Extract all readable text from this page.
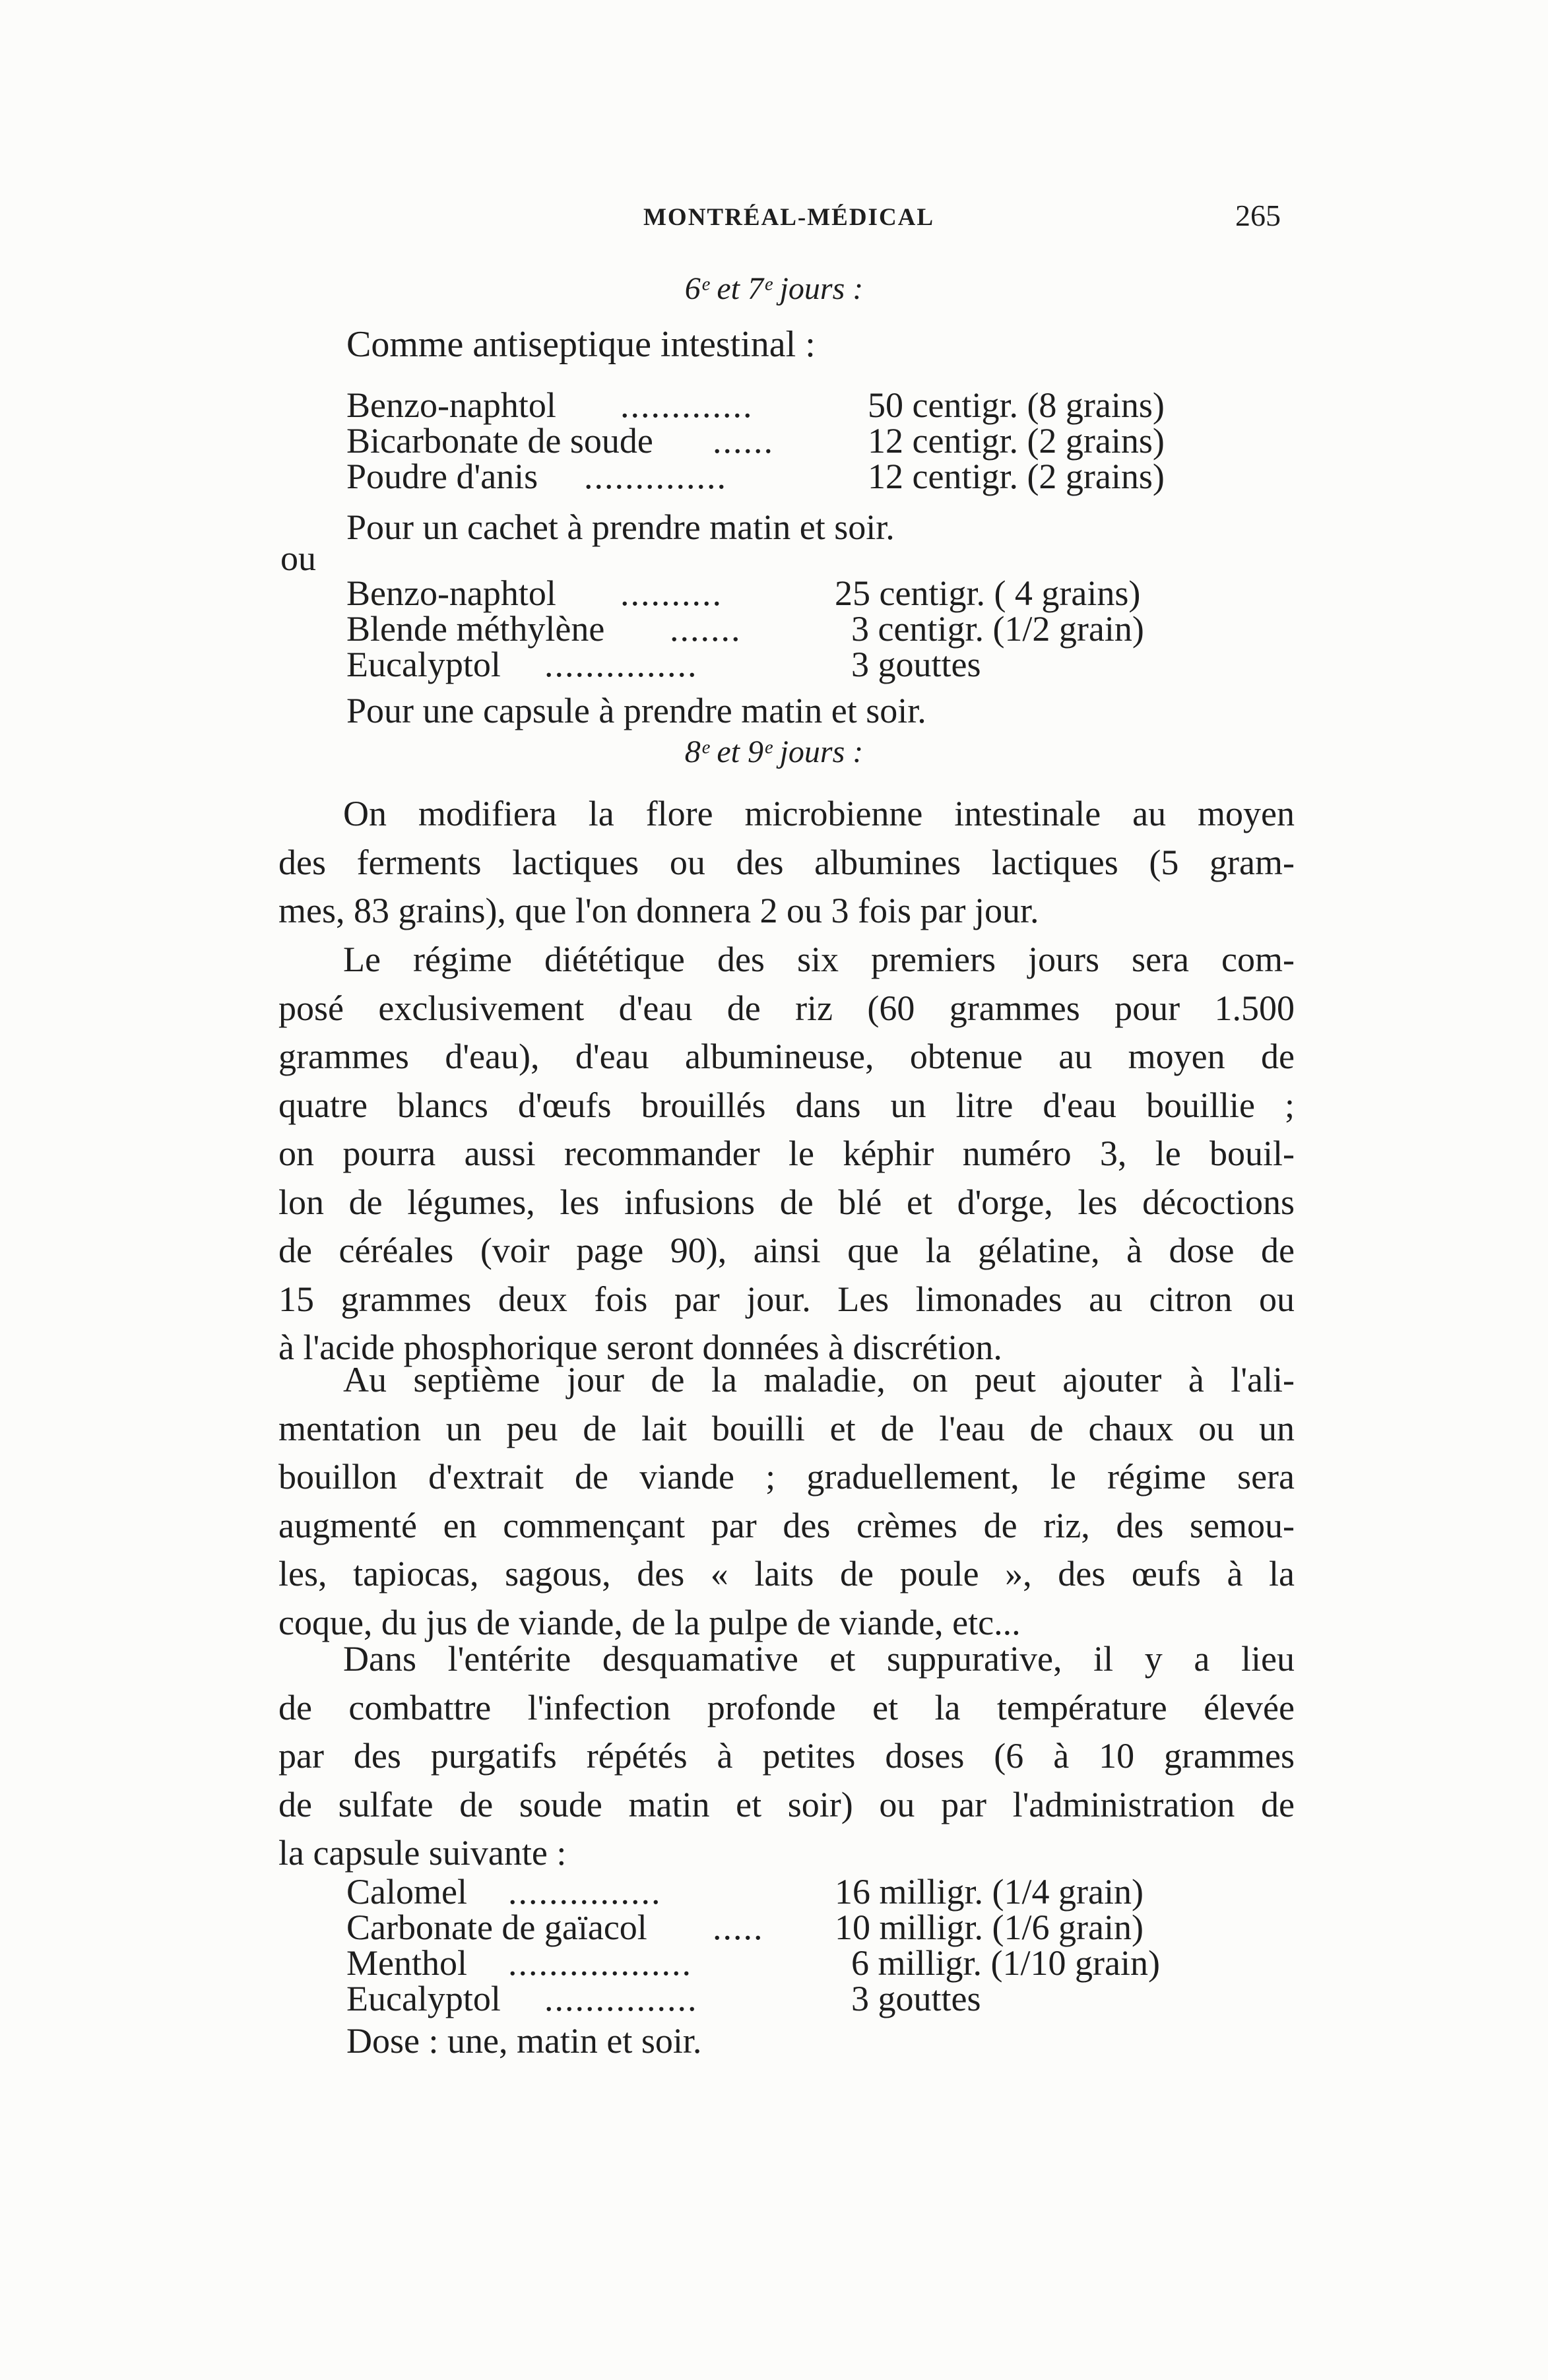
MONTRÉAL-MÉDICAL	265
6ᵉ et 7ᵉ jours :
Comme antiseptique intestinal :
Benzo-naphtol .............	50 centigr. (8 grains)
Bicarbonate de soude ......	12 centigr. (2 grains)
Poudre d'anis ..............	12 centigr. (2 grains)
Pour un cachet à prendre matin et soir.
ou
Benzo-naphtol ..........	25 centigr. ( 4 grains)
Blende méthylène .......	3 centigr. (1/2 grain)
Eucalyptol ...............	3 gouttes
Pour une capsule à prendre matin et soir.
8ᵉ et 9ᵉ jours :
On modifiera la flore microbienne intestinale au moyen
des ferments lactiques ou des albumines lactiques (5 gram-
mes, 83 grains), que l'on donnera 2 ou 3 fois par jour.
Le régime diététique des six premiers jours sera com-
posé exclusivement d'eau de riz (60 grammes pour 1.500
grammes d'eau), d'eau albumineuse, obtenue au moyen de
quatre blancs d'œufs brouillés dans un litre d'eau bouillie ;
on pourra aussi recommander le képhir numéro 3, le bouil-
lon de légumes, les infusions de blé et d'orge, les décoctions
de céréales (voir page 90), ainsi que la gélatine, à dose de
15 grammes deux fois par jour. Les limonades au citron ou
à l'acide phosphorique seront données à discrétion.
Au septième jour de la maladie, on peut ajouter à l'ali-
mentation un peu de lait bouilli et de l'eau de chaux ou un
bouillon d'extrait de viande ; graduellement, le régime sera
augmenté en commençant par des crèmes de riz, des semou-
les, tapiocas, sagous, des « laits de poule », des œufs à la
coque, du jus de viande, de la pulpe de viande, etc...
Dans l'entérite desquamative et suppurative, il y a lieu
de combattre l'infection profonde et la température élevée
par des purgatifs répétés à petites doses (6 à 10 grammes
de sulfate de soude matin et soir) ou par l'administration de
la capsule suivante :
Calomel ...............	16 milligr. (1/4 grain)
Carbonate de gaïacol ..... 10 milligr. (1/6 grain)
Menthol ..................	6 milligr. (1/10 grain)
Eucalyptol ...............	3 gouttes
Dose : une, matin et soir.
